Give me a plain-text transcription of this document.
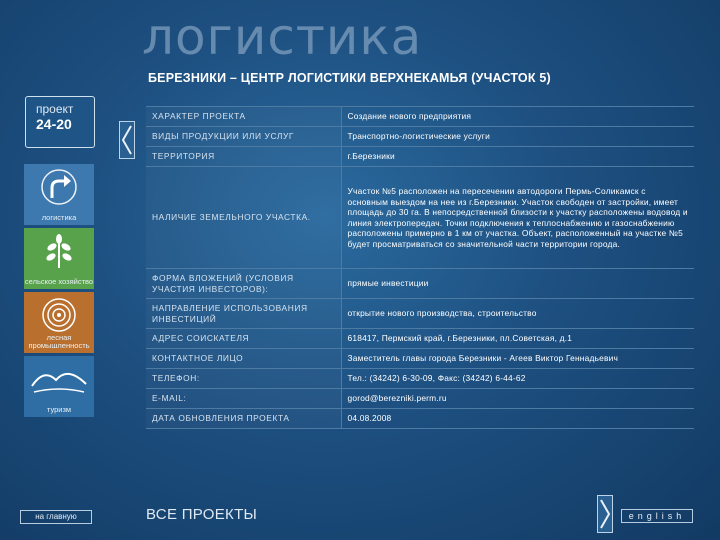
логистика
БЕРЕЗНИКИ – ЦЕНТР ЛОГИСТИКИ ВЕРХНЕКАМЬЯ (УЧАСТОК 5)
проект
24-20
логистика
сельское хозяйство
лесная промышленность
туризм
ХАРАКТЕР ПРОЕКТА	Создание нового предприятия
ВИДЫ ПРОДУКЦИИ ИЛИ УСЛУГ	Транспортно-логистические услуги
ТЕРРИТОРИЯ	г.Березники
НАЛИЧИЕ ЗЕМЕЛЬНОГО УЧАСТКА.	Участок №5 расположен на пересечении автодороги Пермь-Соликамск с основным выездом на нее из г.Березники. Участок свободен от застройки, имеет площадь до 30 га. В непосредственной близости к участку расположены водовод и линия электропередач. Точки подключения к теплоснабжению и газоснабжению расположены примерно в 1 км от участка. Объект, расположенный на участке №5 будет просматриваться со значительной части территории города.
ФОРМА ВЛОЖЕНИЙ (УСЛОВИЯ УЧАСТИЯ ИНВЕСТОРОВ):	прямые инвестиции
НАПРАВЛЕНИЕ ИСПОЛЬЗОВАНИЯ ИНВЕСТИЦИЙ	открытие нового производства, строительство
АДРЕС СОИСКАТЕЛЯ	618417, Пермский край, г.Березники, пл.Советская, д.1
КОНТАКТНОЕ ЛИЦО	Заместитель главы города Березники - Агеев Виктор Геннадьевич
ТЕЛЕФОН:	Тел.: (34242) 6-30-09, Факс: (34242) 6-44-62
E-MAIL:	gorod@berezniki.perm.ru
ДАТА ОБНОВЛЕНИЯ ПРОЕКТА	04.08.2008
на главную	ВСЕ ПРОЕКТЫ	english
